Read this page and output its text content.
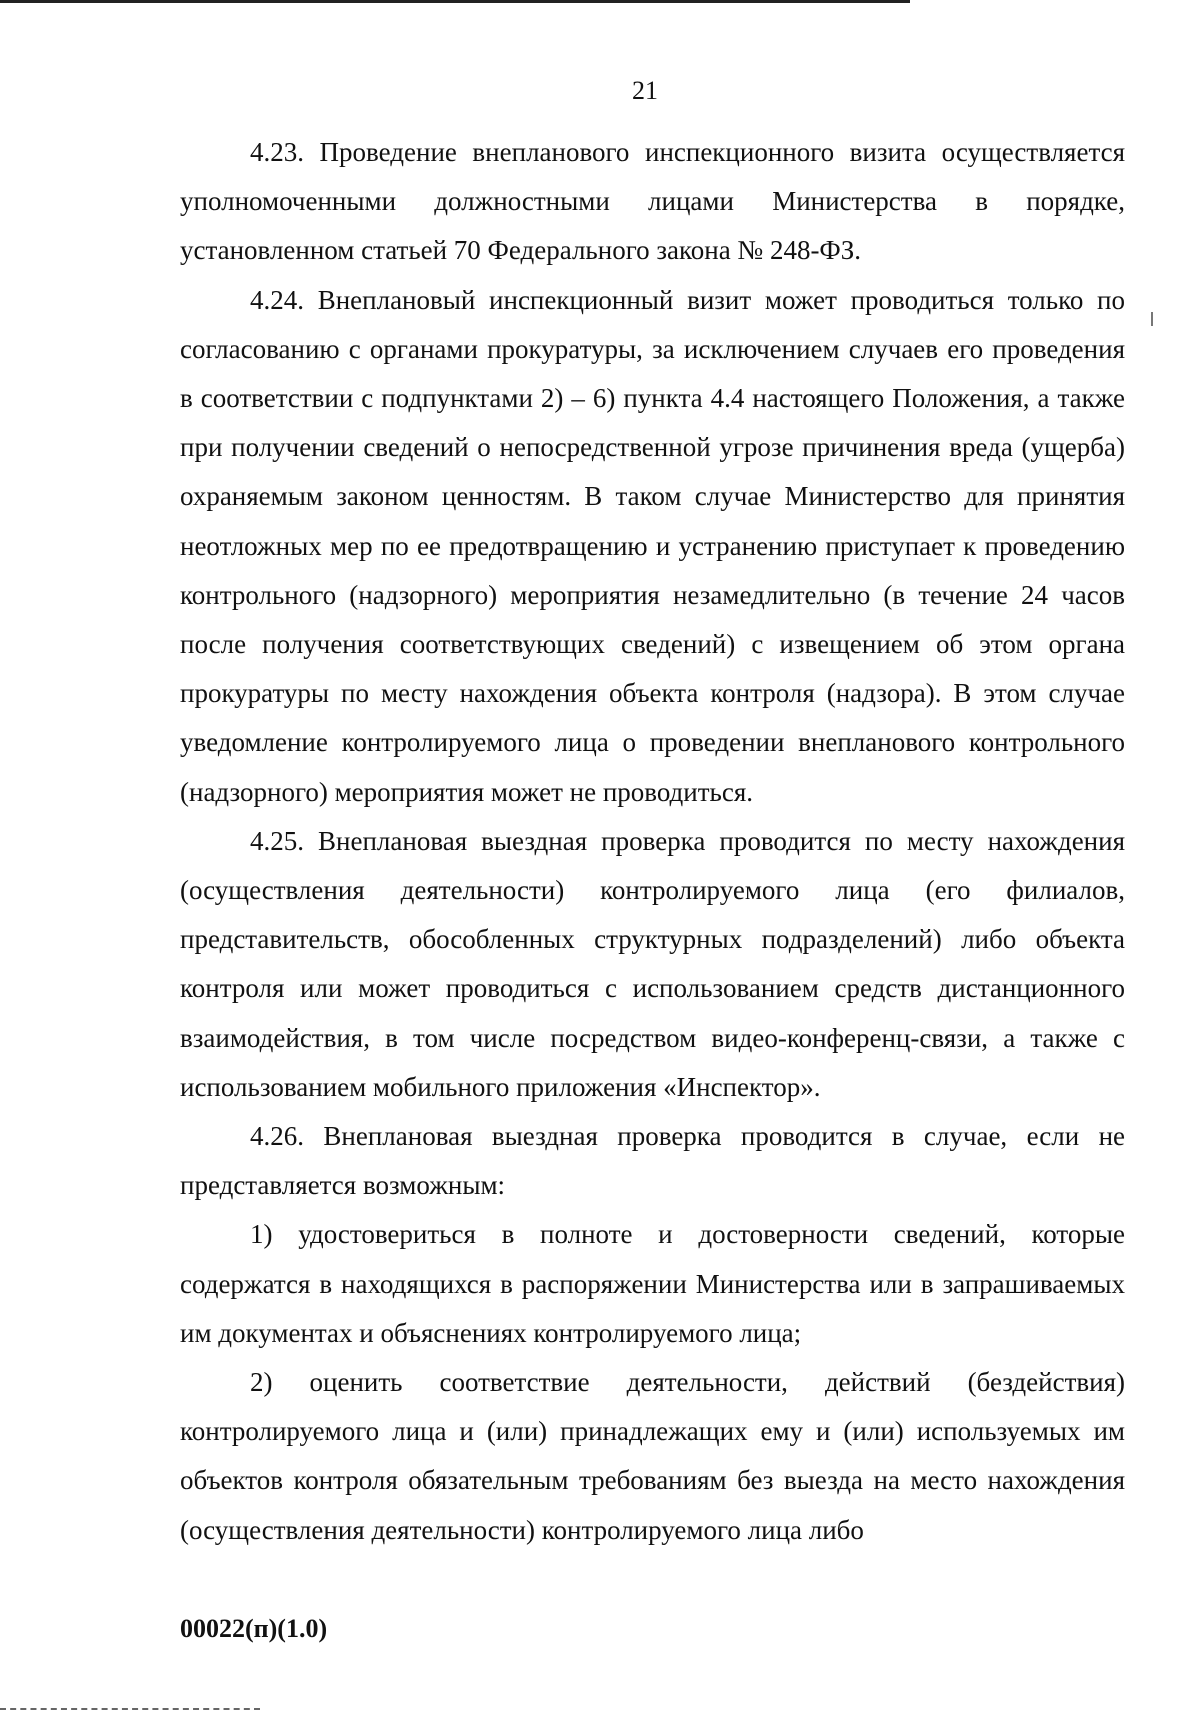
21

4.23. Проведение внепланового инспекционного визита осуществляется уполномоченными должностными лицами Министерства в порядке, установленном статьей 70 Федерального закона № 248-ФЗ.

4.24. Внеплановый инспекционный визит может проводиться только по согласованию с органами прокуратуры, за исключением случаев его проведения в соответствии с подпунктами 2) – 6) пункта 4.4 настоящего Положения, а также при получении сведений о непосредственной угрозе причинения вреда (ущерба) охраняемым законом ценностям. В таком случае Министерство для принятия неотложных мер по ее предотвращению и устранению приступает к проведению контрольного (надзорного) мероприятия незамедлительно (в течение 24 часов после получения соответствующих сведений) с извещением об этом органа прокуратуры по месту нахождения объекта контроля (надзора). В этом случае уведомление контролируемого лица о проведении внепланового контрольного (надзорного) мероприятия может не проводиться.

4.25. Внеплановая выездная проверка проводится по месту нахождения (осуществления деятельности) контролируемого лица (его филиалов, представительств, обособленных структурных подразделений) либо объекта контроля или может проводиться с использованием средств дистанционного взаимодействия, в том числе посредством видео-конференц-связи, а также с использованием мобильного приложения «Инспектор».

4.26. Внеплановая выездная проверка проводится в случае, если не представляется возможным:

1) удостовериться в полноте и достоверности сведений, которые содержатся в находящихся в распоряжении Министерства или в запрашиваемых им документах и объяснениях контролируемого лица;

2) оценить соответствие деятельности, действий (бездействия) контролируемого лица и (или) принадлежащих ему и (или) используемых им объектов контроля обязательным требованиям без выезда на место нахождения (осуществления деятельности) контролируемого лица либо

00022(п)(1.0)
